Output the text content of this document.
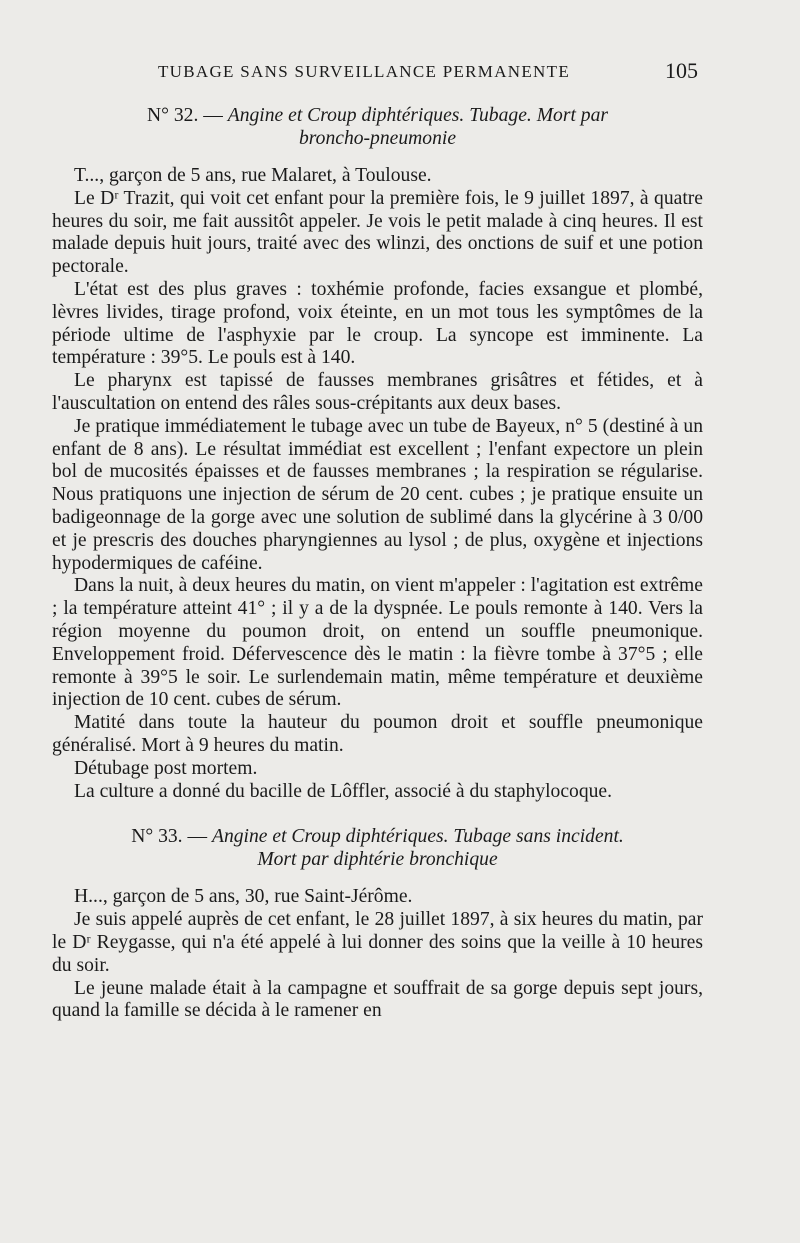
TUBAGE SANS SURVEILLANCE PERMANENTE	105
N° 32. — Angine et Croup diphtériques. Tubage. Mort par
broncho-pneumonie

T..., garçon de 5 ans, rue Malaret, à Toulouse.

Le Dʳ Trazit, qui voit cet enfant pour la première fois, le 9 juillet 1897, à quatre heures du soir, me fait aussitôt appeler. Je vois le petit malade à cinq heures. Il est malade depuis huit jours, traité avec des wlinzi, des onctions de suif et une potion pectorale.

L'état est des plus graves : toxhémie profonde, facies exsangue et plombé, lèvres livides, tirage profond, voix éteinte, en un mot tous les symptômes de la période ultime de l'asphyxie par le croup. La syncope est imminente. La température : 39°5. Le pouls est à 140.

Le pharynx est tapissé de fausses membranes grisâtres et fétides, et à l'auscultation on entend des râles sous-crépitants aux deux bases.

Je pratique immédiatement le tubage avec un tube de Bayeux, n° 5 (destiné à un enfant de 8 ans). Le résultat immédiat est excellent ; l'enfant expectore un plein bol de mucosités épaisses et de fausses membranes ; la respiration se régularise. Nous pratiquons une injection de sérum de 20 cent. cubes ; je pratique ensuite un badigeonnage de la gorge avec une solution de sublimé dans la glycérine à 3 0/00 et je prescris des douches pharyngiennes au lysol ; de plus, oxygène et injections hypodermiques de caféine.

Dans la nuit, à deux heures du matin, on vient m'appeler : l'agitation est extrême ; la température atteint 41° ; il y a de la dyspnée. Le pouls remonte à 140. Vers la région moyenne du poumon droit, on entend un souffle pneumonique. Enveloppement froid. Défervescence dès le matin : la fièvre tombe à 37°5 ; elle remonte à 39°5 le soir. Le surlendemain matin, même température et deuxième injection de 10 cent. cubes de sérum.

Matité dans toute la hauteur du poumon droit et souffle pneumonique généralisé. Mort à 9 heures du matin.

Détubage post mortem.

La culture a donné du bacille de Lôffler, associé à du staphylocoque.

N° 33. — Angine et Croup diphtériques. Tubage sans incident.
Mort par diphtérie bronchique

H..., garçon de 5 ans, 30, rue Saint-Jérôme.

Je suis appelé auprès de cet enfant, le 28 juillet 1897, à six heures du matin, par le Dʳ Reygasse, qui n'a été appelé à lui donner des soins que la veille à 10 heures du soir.

Le jeune malade était à la campagne et souffrait de sa gorge depuis sept jours, quand la famille se décida à le ramener en
